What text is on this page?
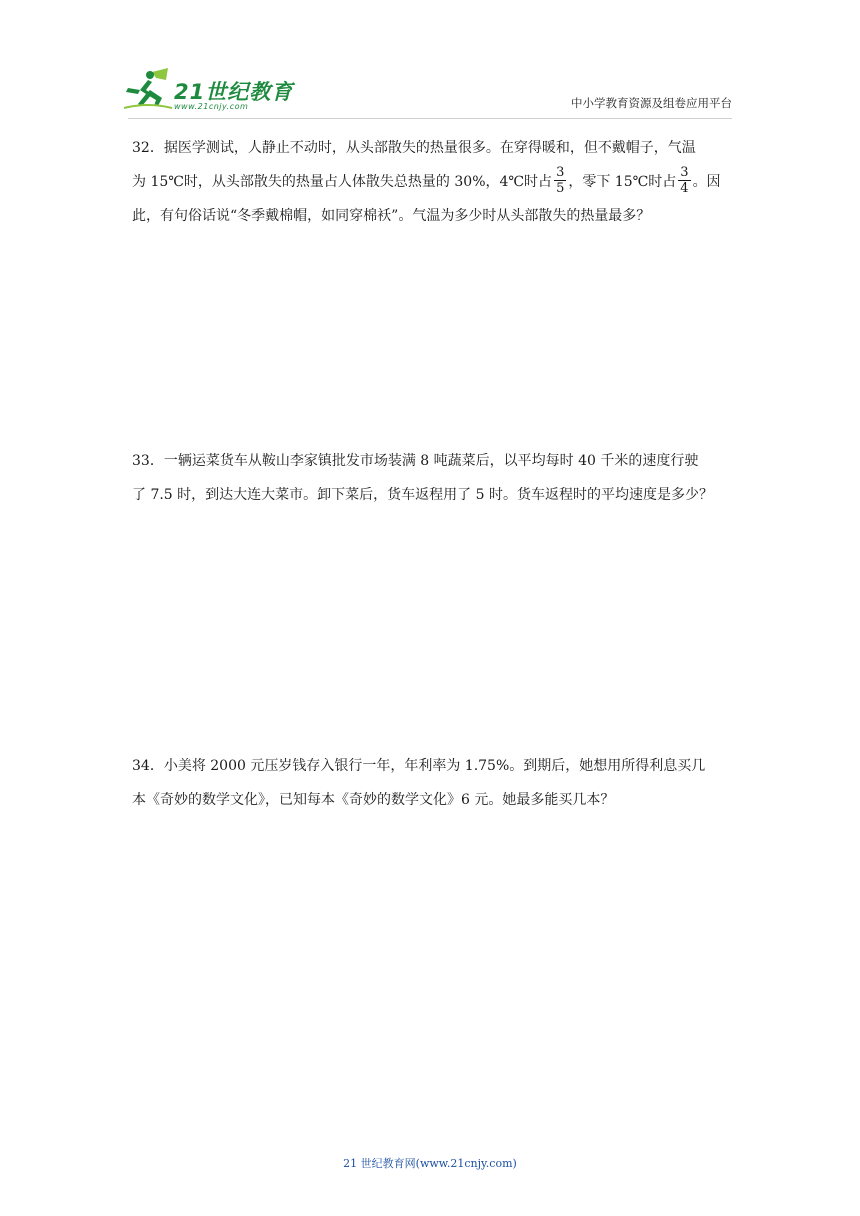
21世纪教育
www.21cnjy.com	中小学教育资源及组卷应用平台

32．据医学测试，人静止不动时，从头部散失的热量很多。在穿得暖和，但不戴帽子，气温

为 15℃时，从头部散失的热量占人体散失总热量的 30%，4℃时占 $\frac{3}{5}$ ，零下 15℃时占 $\frac{3}{4}$ 。因

此，有句俗话说“冬季戴棉帽，如同穿棉袄”。气温为多少时从头部散失的热量最多？

33．一辆运菜货车从鞍山李家镇批发市场装满 8 吨蔬菜后，以平均每时 40 千米的速度行驶

了 7.5 时，到达大连大菜市。卸下菜后，货车返程用了 5 时。货车返程时的平均速度是多少？

34．小美将 2000 元压岁钱存入银行一年，年利率为 1.75%。到期后，她想用所得利息买几

本《奇妙的数学文化》，已知每本《奇妙的数学文化》6 元。她最多能买几本？

21 世纪教育网(www.21cnjy.com)
